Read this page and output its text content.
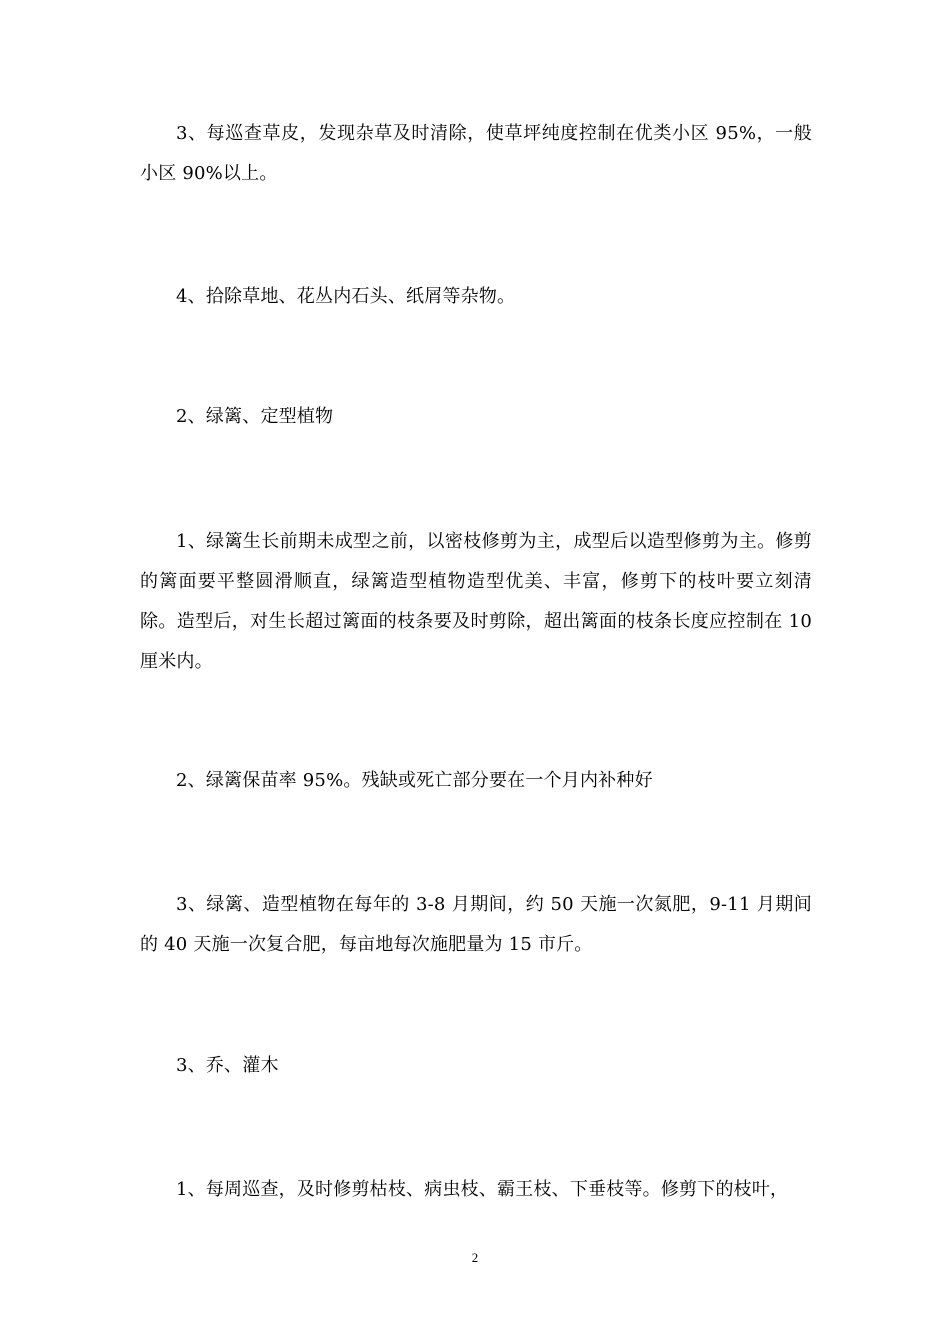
3、每巡查草皮，发现杂草及时清除，使草坪纯度控制在优类小区 95%，一般小区 90%以上。

4、拾除草地、花丛内石头、纸屑等杂物。

2、绿篱、定型植物

1、绿篱生长前期未成型之前，以密枝修剪为主，成型后以造型修剪为主。修剪的篱面要平整圆滑顺直，绿篱造型植物造型优美、丰富，修剪下的枝叶要立刻清除。造型后，对生长超过篱面的枝条要及时剪除，超出篱面的枝条长度应控制在 10 厘米内。

2、绿篱保苗率 95%。残缺或死亡部分要在一个月内补种好

3、绿篱、造型植物在每年的 3-8 月期间，约 50 天施一次氮肥，9-11 月期间的 40 天施一次复合肥，每亩地每次施肥量为 15 市斤。

3、乔、灌木

1、每周巡查，及时修剪枯枝、病虫枝、霸王枝、下垂枝等。修剪下的枝叶，

2
